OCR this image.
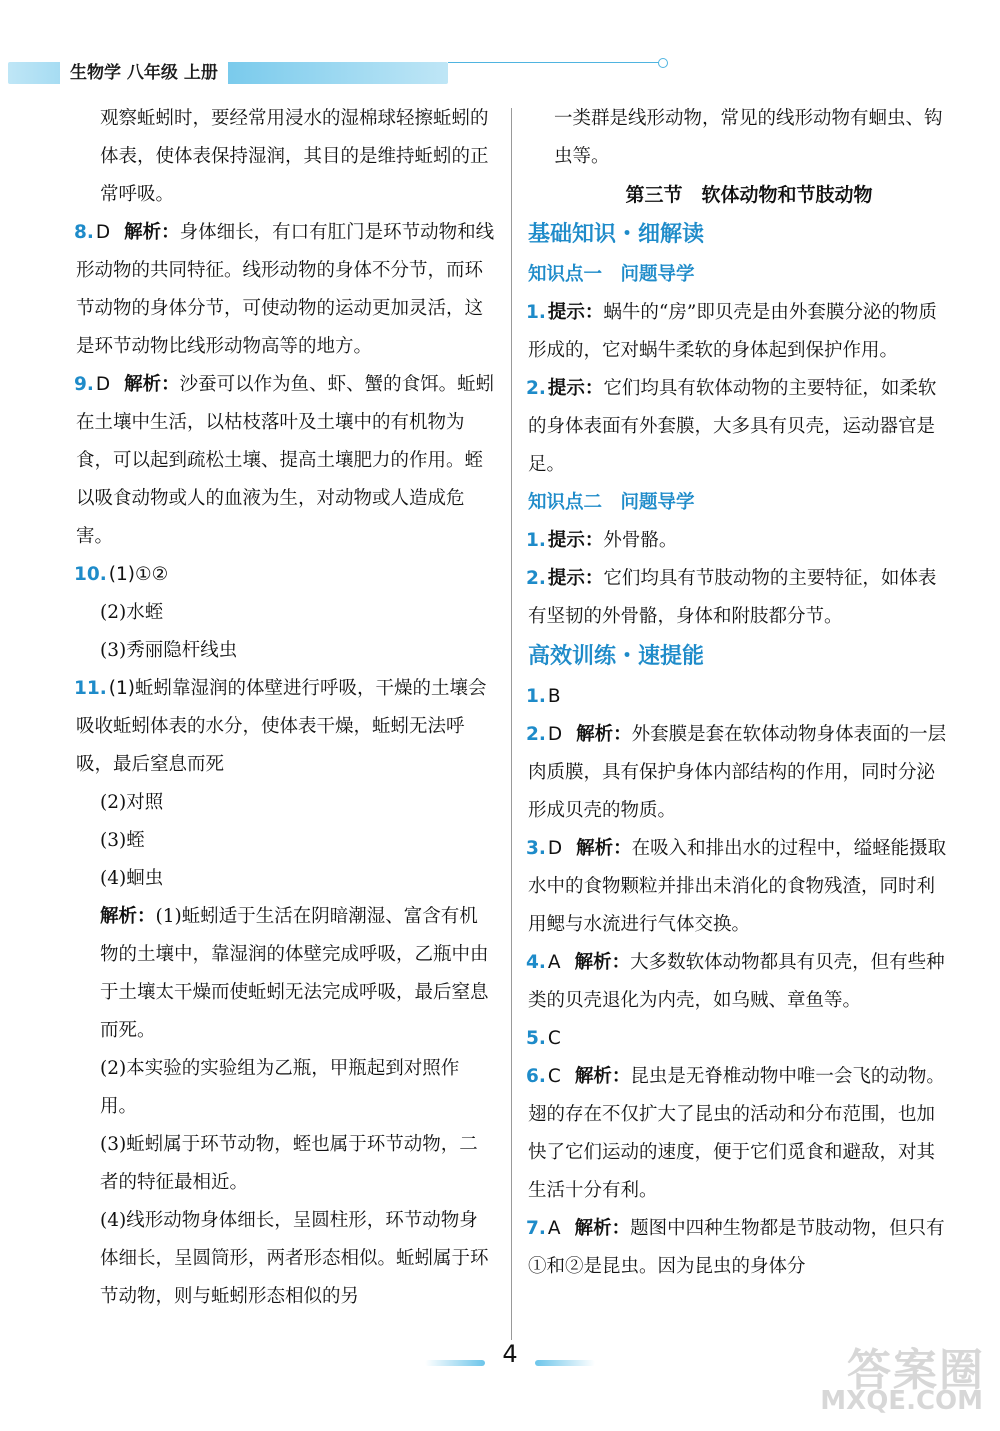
生物学 八年级 上册

观察蚯蚓时，要经常用浸水的湿棉球轻擦蚯蚓的体表，使体表保持湿润，其目的是维持蚯蚓的正常呼吸。

8. D 解析：身体细长，有口有肛门是环节动物和线形动物的共同特征。线形动物的身体不分节，而环节动物的身体分节，可使动物的运动更加灵活，这是环节动物比线形动物高等的地方。

9. D 解析：沙蚕可以作为鱼、虾、蟹的食饵。蚯蚓在土壤中生活，以枯枝落叶及土壤中的有机物为食，可以起到疏松土壤、提高土壤肥力的作用。蛭以吸食动物或人的血液为生，对动物或人造成危害。

10. (1)①②

(2)水蛭

(3)秀丽隐杆线虫

11. (1)蚯蚓靠湿润的体壁进行呼吸，干燥的土壤会吸收蚯蚓体表的水分，使体表干燥，蚯蚓无法呼吸，最后窒息而死

(2)对照

(3)蛭

(4)蛔虫

解析：(1)蚯蚓适于生活在阴暗潮湿、富含有机物的土壤中，靠湿润的体壁完成呼吸，乙瓶中由于土壤太干燥而使蚯蚓无法完成呼吸，最后窒息而死。

(2)本实验的实验组为乙瓶，甲瓶起到对照作用。

(3)蚯蚓属于环节动物，蛭也属于环节动物，二者的特征最相近。

(4)线形动物身体细长，呈圆柱形，环节动物身体细长，呈圆筒形，两者形态相似。蚯蚓属于环节动物，则与蚯蚓形态相似的另

一类群是线形动物，常见的线形动物有蛔虫、钩虫等。

第三节　软体动物和节肢动物

基础知识・细解读

知识点一　问题导学

1. 提示：蜗牛的“房”即贝壳是由外套膜分泌的物质形成的，它对蜗牛柔软的身体起到保护作用。

2. 提示：它们均具有软体动物的主要特征，如柔软的身体表面有外套膜，大多具有贝壳，运动器官是足。

知识点二　问题导学

1. 提示：外骨骼。

2. 提示：它们均具有节肢动物的主要特征，如体表有坚韧的外骨骼，身体和附肢都分节。

高效训练・速提能

1. B

2. D 解析：外套膜是套在软体动物身体表面的一层肉质膜，具有保护身体内部结构的作用，同时分泌形成贝壳的物质。

3. D 解析：在吸入和排出水的过程中，缢蛏能摄取水中的食物颗粒并排出未消化的食物残渣，同时利用鳃与水流进行气体交换。

4. A 解析：大多数软体动物都具有贝壳，但有些种类的贝壳退化为内壳，如乌贼、章鱼等。

5. C

6. C 解析：昆虫是无脊椎动物中唯一会飞的动物。翅的存在不仅扩大了昆虫的活动和分布范围，也加快了它们运动的速度，便于它们觅食和避敌，对其生活十分有利。

7. A 解析：题图中四种生物都是节肢动物，但只有①和②是昆虫。因为昆虫的身体分

4	答案圈
MXQE.COM
